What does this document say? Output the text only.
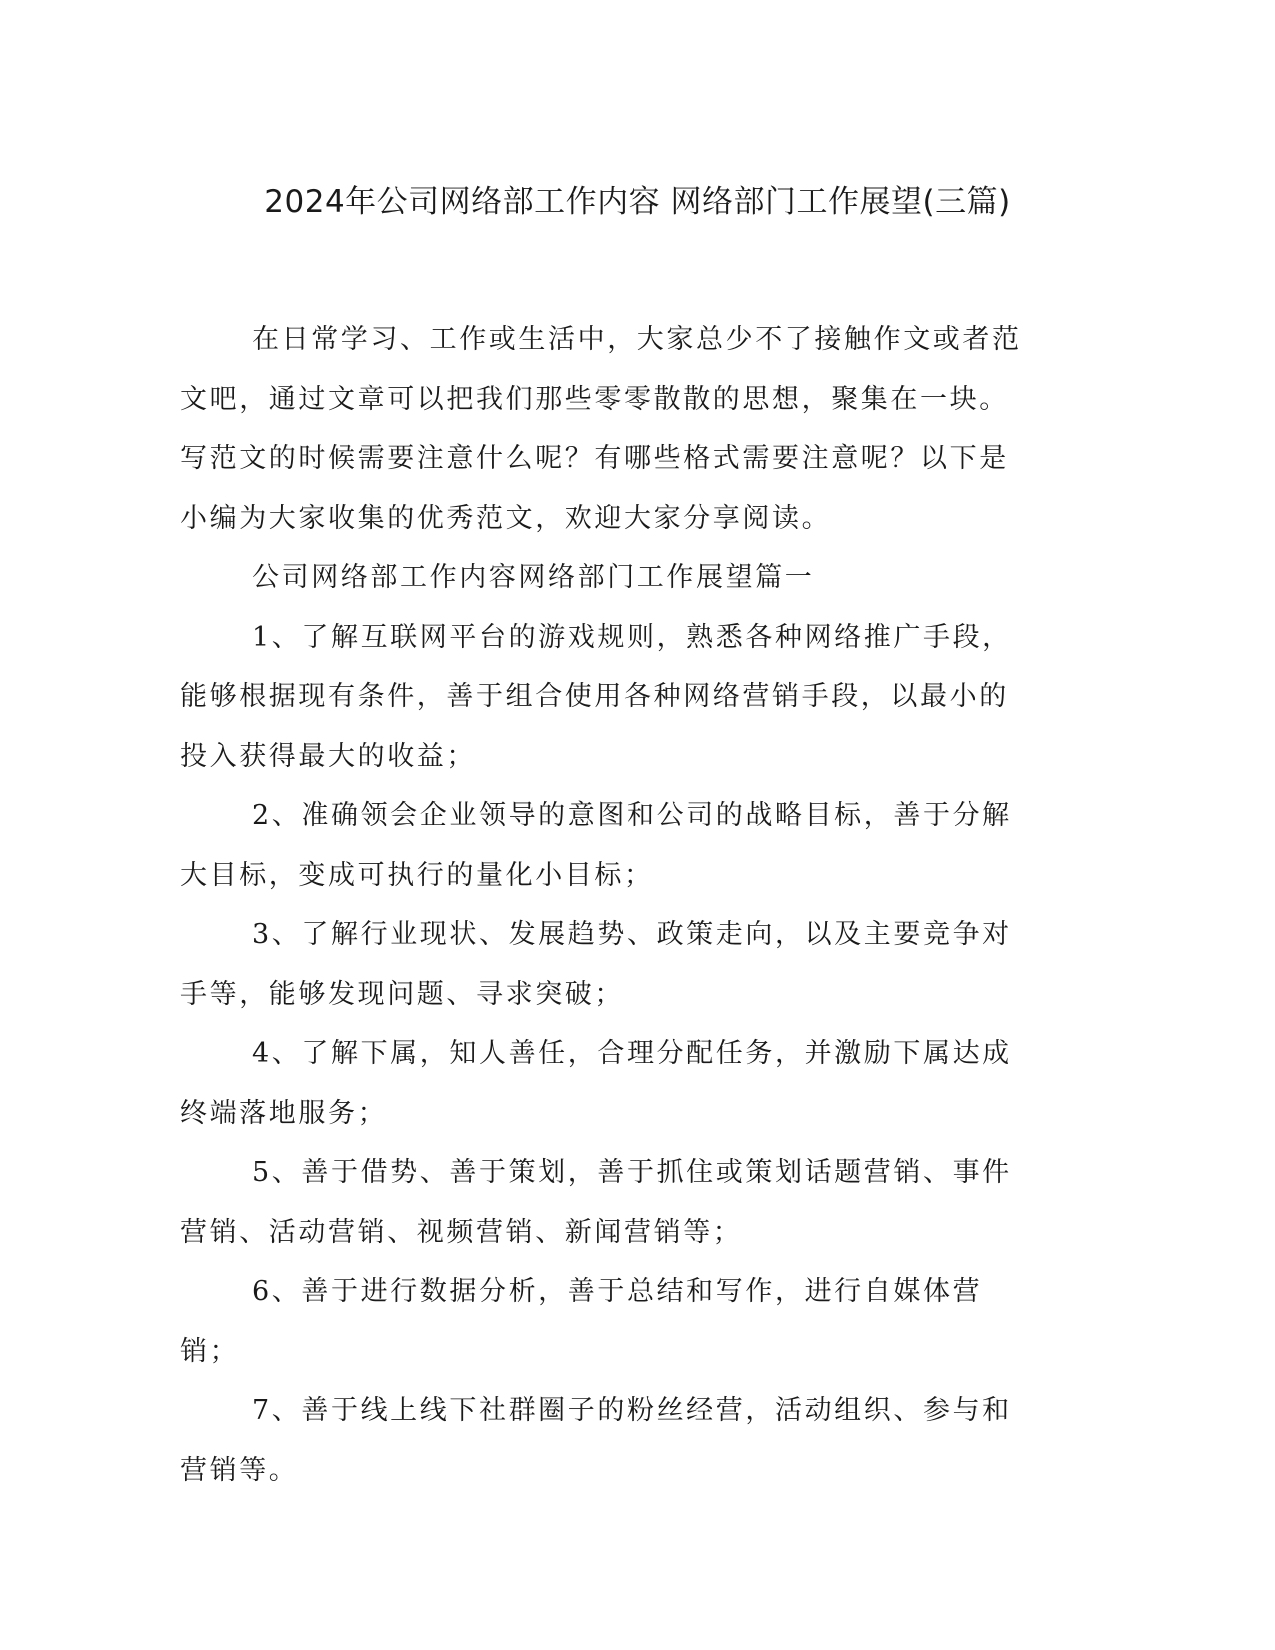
2024年公司网络部工作内容 网络部门工作展望(三篇)

在日常学习、工作或生活中，大家总少不了接触作文或者范文吧，通过文章可以把我们那些零零散散的思想，聚集在一块。写范文的时候需要注意什么呢？有哪些格式需要注意呢？以下是小编为大家收集的优秀范文，欢迎大家分享阅读。

公司网络部工作内容网络部门工作展望篇一

1、了解互联网平台的游戏规则，熟悉各种网络推广手段，能够根据现有条件，善于组合使用各种网络营销手段，以最小的投入获得最大的收益；

2、准确领会企业领导的意图和公司的战略目标，善于分解大目标，变成可执行的量化小目标；

3、了解行业现状、发展趋势、政策走向，以及主要竞争对手等，能够发现问题、寻求突破；

4、了解下属，知人善任，合理分配任务，并激励下属达成终端落地服务；

5、善于借势、善于策划，善于抓住或策划话题营销、事件营销、活动营销、视频营销、新闻营销等；

6、善于进行数据分析，善于总结和写作，进行自媒体营销；

7、善于线上线下社群圈子的粉丝经营，活动组织、参与和营销等。
